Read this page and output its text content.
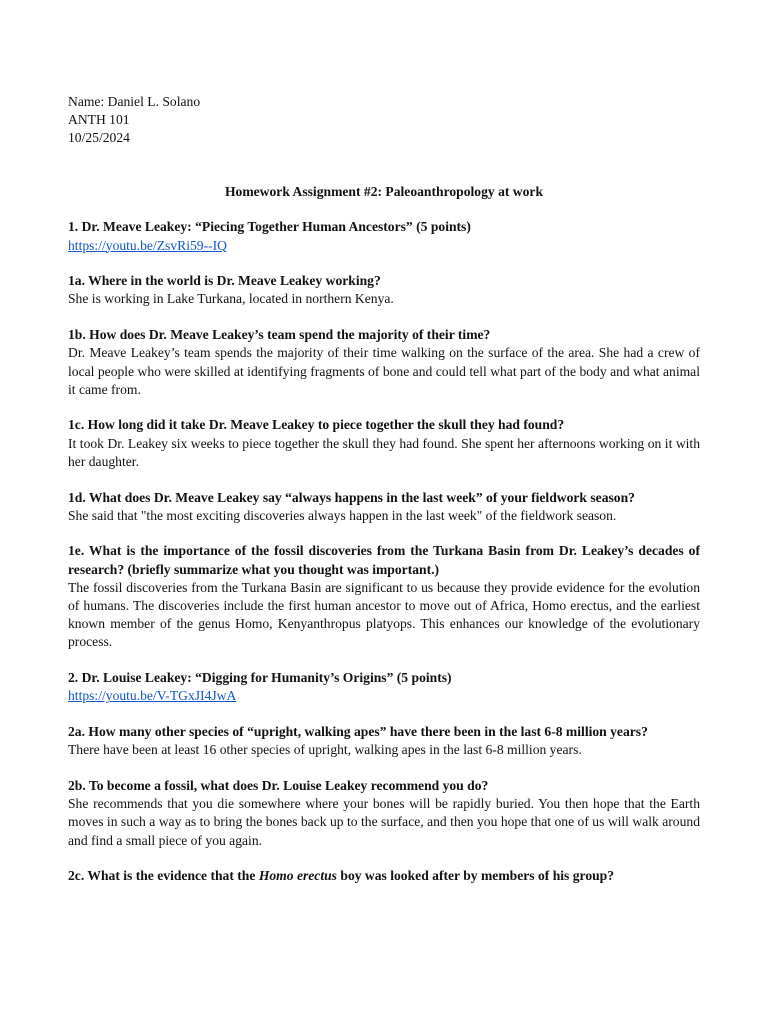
Name: Daniel L. Solano
ANTH 101
10/25/2024
Homework Assignment #2: Paleoanthropology at work
1. Dr. Meave Leakey: “Piecing Together Human Ancestors” (5 points)
https://youtu.be/ZsvRi59--IQ
1a. Where in the world is Dr. Meave Leakey working?
She is working in Lake Turkana, located in northern Kenya.
1b. How does Dr. Meave Leakey’s team spend the majority of their time?
Dr. Meave Leakey’s team spends the majority of their time walking on the surface of the area. She had a crew of local people who were skilled at identifying fragments of bone and could tell what part of the body and what animal it came from.
1c. How long did it take Dr. Meave Leakey to piece together the skull they had found?
It took Dr. Leakey six weeks to piece together the skull they had found. She spent her afternoons working on it with her daughter.
1d. What does Dr. Meave Leakey say “always happens in the last week” of your fieldwork season?
She said that "the most exciting discoveries always happen in the last week" of the fieldwork season.
1e. What is the importance of the fossil discoveries from the Turkana Basin from Dr. Leakey’s decades of research? (briefly summarize what you thought was important.)
The fossil discoveries from the Turkana Basin are significant to us because they provide evidence for the evolution of humans. The discoveries include the first human ancestor to move out of Africa, Homo erectus, and the earliest known member of the genus Homo, Kenyanthropus platyops. This enhances our knowledge of the evolutionary process.
2. Dr. Louise Leakey: “Digging for Humanity’s Origins” (5 points)
https://youtu.be/V-TGxJI4JwA
2a. How many other species of “upright, walking apes” have there been in the last 6-8 million years?
There have been at least 16 other species of upright, walking apes in the last 6-8 million years.
2b. To become a fossil, what does Dr. Louise Leakey recommend you do?
She recommends that you die somewhere where your bones will be rapidly buried. You then hope that the Earth moves in such a way as to bring the bones back up to the surface, and then you hope that one of us will walk around and find a small piece of you again.
2c. What is the evidence that the Homo erectus boy was looked after by members of his group?
